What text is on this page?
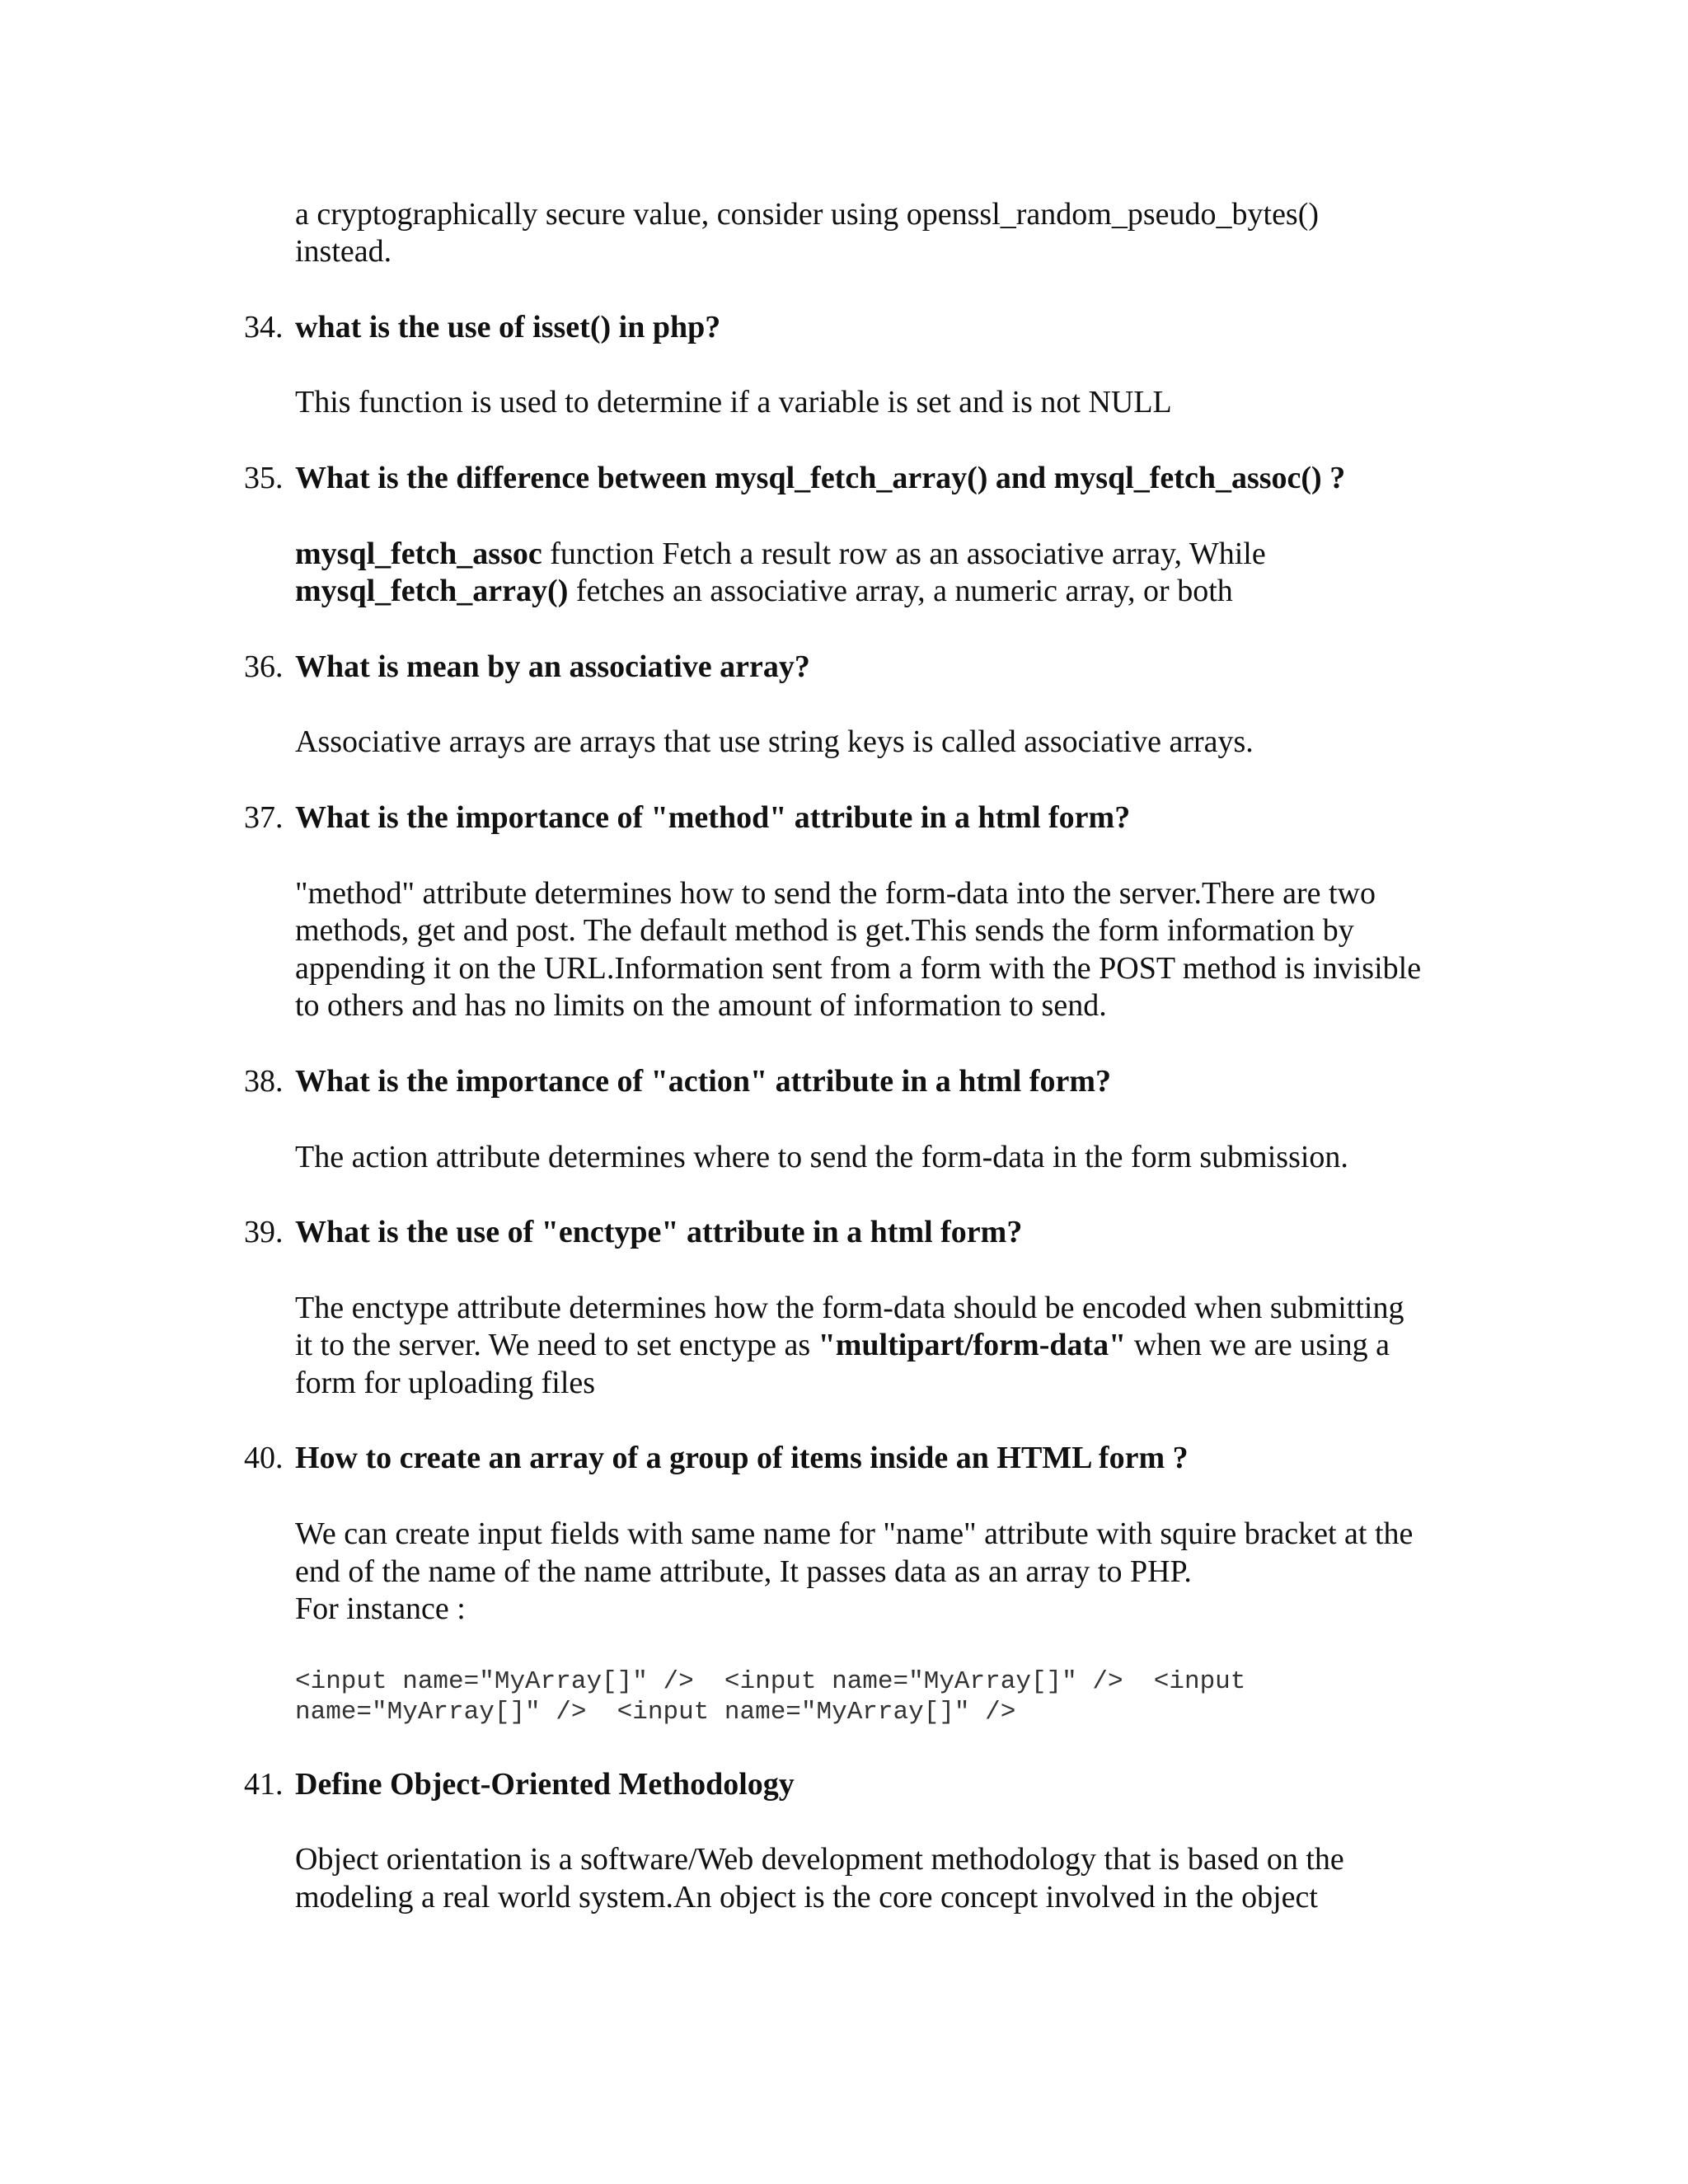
a cryptographically secure value, consider using openssl_random_pseudo_bytes()
instead.
34. what is the use of isset() in php?
This function is used to determine if a variable is set and is not NULL
35. What is the difference between mysql_fetch_array() and mysql_fetch_assoc() ?
mysql_fetch_assoc function Fetch a result row as an associative array, While
mysql_fetch_array() fetches an associative array, a numeric array, or both
36. What is mean by an associative array?
Associative arrays are arrays that use string keys is called associative arrays.
37. What is the importance of "method" attribute in a html form?
"method" attribute determines how to send the form-data into the server.There are two
methods, get and post. The default method is get.This sends the form information by
appending it on the URL.Information sent from a form with the POST method is invisible
to others and has no limits on the amount of information to send.
38. What is the importance of "action" attribute in a html form?
The action attribute determines where to send the form-data in the form submission.
39. What is the use of "enctype" attribute in a html form?
The enctype attribute determines how the form-data should be encoded when submitting
it to the server. We need to set enctype as "multipart/form-data" when we are using a
form for uploading files
40. How to create an array of a group of items inside an HTML form ?
We can create input fields with same name for "name" attribute with squire bracket at the
end of the name of the name attribute, It passes data as an array to PHP.
For instance :
<input name="MyArray[]" />  <input name="MyArray[]" />  <input
name="MyArray[]" />  <input name="MyArray[]" />
41. Define Object-Oriented Methodology
Object orientation is a software/Web development methodology that is based on the
modeling a real world system.An object is the core concept involved in the object
